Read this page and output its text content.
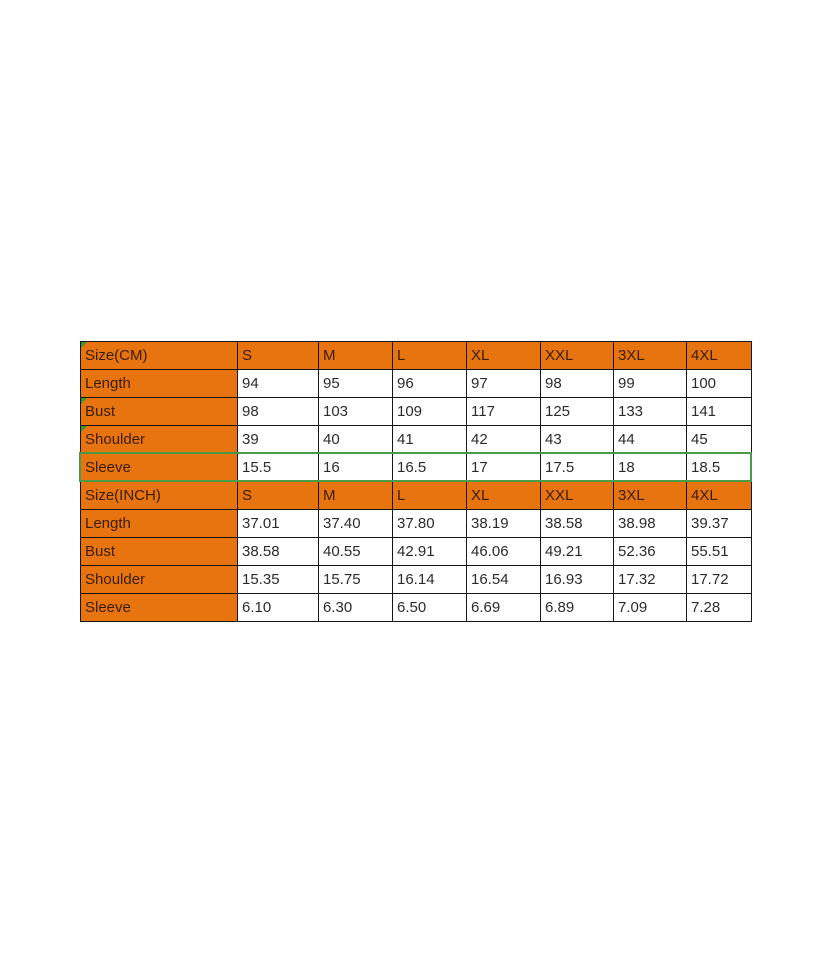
Size(CM)	S	M	L	XL	XXL	3XL	4XL
Length	94	95	96	97	98	99	100
Bust	98	103	109	117	125	133	141
Shoulder	39	40	41	42	43	44	45
Sleeve	15.5	16	16.5	17	17.5	18	18.5
Size(INCH)	S	M	L	XL	XXL	3XL	4XL
Length	37.01	37.40	37.80	38.19	38.58	38.98	39.37
Bust	38.58	40.55	42.91	46.06	49.21	52.36	55.51
Shoulder	15.35	15.75	16.14	16.54	16.93	17.32	17.72
Sleeve	6.10	6.30	6.50	6.69	6.89	7.09	7.28
